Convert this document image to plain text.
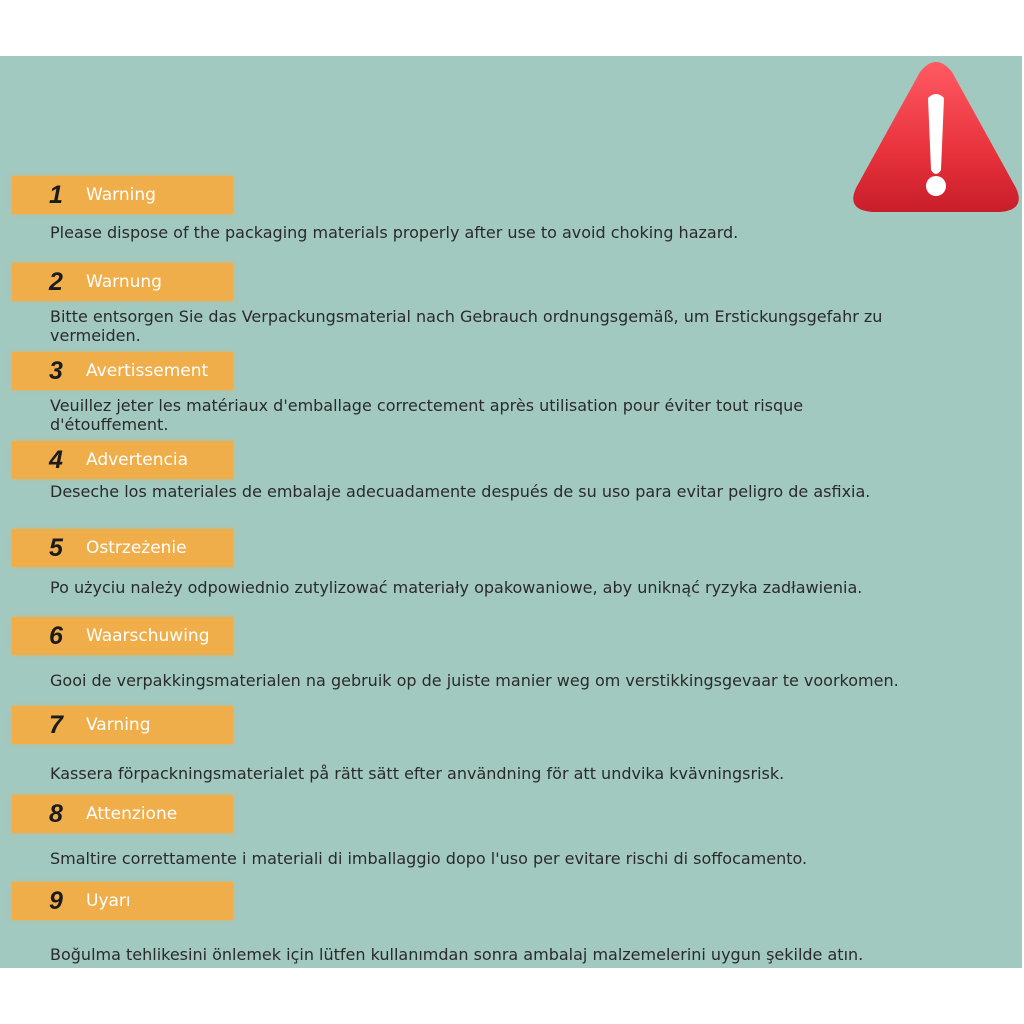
1	Warning
Please dispose of the packaging materials properly after use to avoid choking hazard.
2	Warnung
Bitte entsorgen Sie das Verpackungsmaterial nach Gebrauch ordnungsgemäß, um Erstickungsgefahr zu vermeiden.
3	Avertissement
Veuillez jeter les matériaux d'emballage correctement après utilisation pour éviter tout risque d'étouffement.
4	Advertencia
Deseche los materiales de embalaje adecuadamente después de su uso para evitar peligro de asfixia.
5	Ostrzeżenie
Po użyciu należy odpowiednio zutylizować materiały opakowaniowe, aby uniknąć ryzyka zadławienia.
6	Waarschuwing
Gooi de verpakkingsmaterialen na gebruik op de juiste manier weg om verstikkingsgevaar te voorkomen.
7	Varning
Kassera förpackningsmaterialet på rätt sätt efter användning för att undvika kvävningsrisk.
8	Attenzione
Smaltire correttamente i materiali di imballaggio dopo l'uso per evitare rischi di soffocamento.
9	Uyarı
Boğulma tehlikesini önlemek için lütfen kullanımdan sonra ambalaj malzemelerini uygun şekilde atın.
